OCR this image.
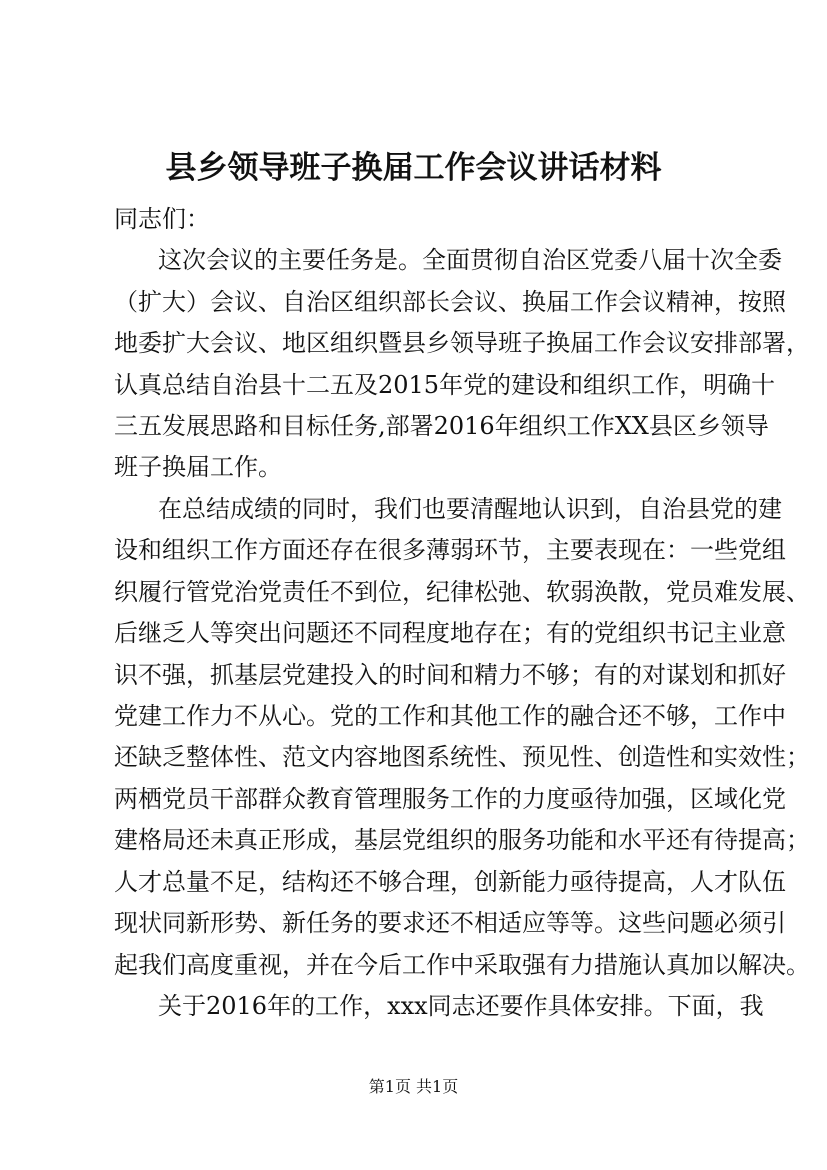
县乡领导班子换届工作会议讲话材料
同志们：
这次会议的主要任务是。全面贯彻自治区党委八届十次全委
（扩大）会议、自治区组织部长会议、换届工作会议精神，按照
地委扩大会议、地区组织暨县乡领导班子换届工作会议安排部署，
认真总结自治县十二五及2015年党的建设和组织工作，明确十
三五发展思路和目标任务,部署2016年组织工作XX县区乡领导
班子换届工作。
在总结成绩的同时，我们也要清醒地认识到，自治县党的建
设和组织工作方面还存在很多薄弱环节，主要表现在：一些党组
织履行管党治党责任不到位，纪律松弛、软弱涣散，党员难发展、
后继乏人等突出问题还不同程度地存在；有的党组织书记主业意
识不强，抓基层党建投入的时间和精力不够；有的对谋划和抓好
党建工作力不从心。党的工作和其他工作的融合还不够，工作中
还缺乏整体性、范文内容地图系统性、预见性、创造性和实效性；
两栖党员干部群众教育管理服务工作的力度亟待加强，区域化党
建格局还未真正形成，基层党组织的服务功能和水平还有待提高；
人才总量不足，结构还不够合理，创新能力亟待提高，人才队伍
现状同新形势、新任务的要求还不相适应等等。这些问题必须引
起我们高度重视，并在今后工作中采取强有力措施认真加以解决。
关于2016年的工作，xxx同志还要作具体安排。下面，我
第1页 共1页
